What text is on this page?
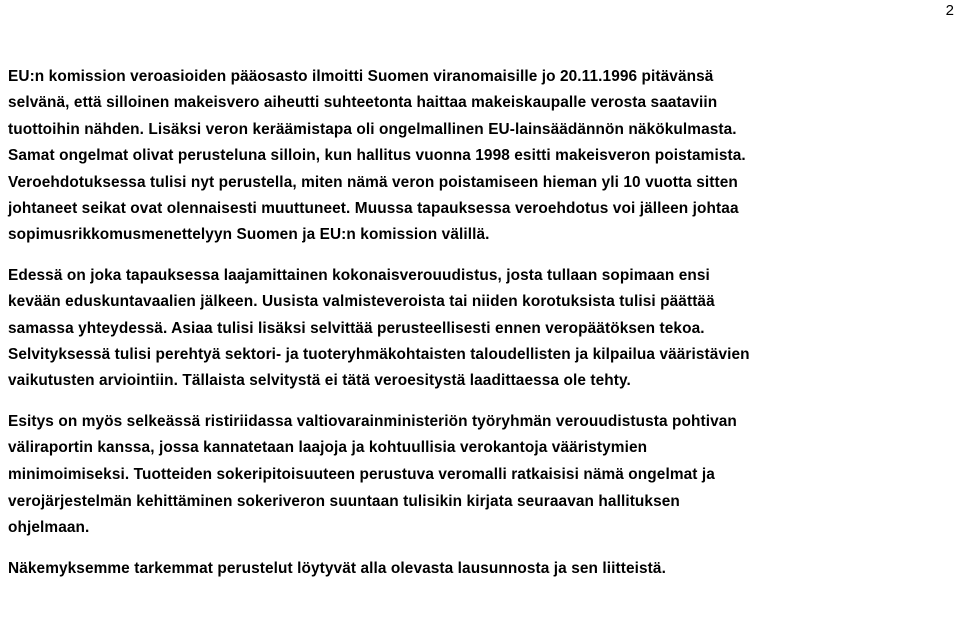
2
EU:n komission veroasioiden pääosasto ilmoitti Suomen viranomaisille jo 20.11.1996 pitävänsä
selvänä, että silloinen makeisvero aiheutti suhteetonta haittaa makeiskaupalle verosta saataviin
tuottoihin nähden. Lisäksi veron keräämistapa oli ongelmallinen EU-lainsäädännön näkökulmasta.
Samat ongelmat olivat perusteluna silloin, kun hallitus vuonna 1998 esitti makeisveron poistamista.
Veroehdotuksessa tulisi nyt perustella, miten nämä veron poistamiseen hieman yli 10 vuotta sitten
johtaneet seikat ovat olennaisesti muuttuneet. Muussa tapauksessa veroehdotus voi jälleen johtaa
sopimusrikkomusmenettelyyn Suomen ja EU:n komission välillä.
Edessä on joka tapauksessa laajamittainen kokonaisverouudistus, josta tullaan sopimaan ensi
kevään eduskuntavaalien jälkeen. Uusista valmisteveroista tai niiden korotuksista tulisi päättää
samassa yhteydessä. Asiaa tulisi lisäksi selvittää perusteellisesti ennen veropäätöksen tekoa.
Selvityksessä tulisi perehtyä sektori- ja tuoteryhmäkohtaisten taloudellisten ja kilpailua vääristävien
vaikutusten arviointiin. Tällaista selvitystä ei tätä veroesitystä laadittaessa ole tehty.
Esitys on myös selkeässä ristiriidassa valtiovarainministeriön työryhmän verouudistusta pohtivan
väliraportin kanssa, jossa kannatetaan laajoja ja kohtuullisia verokantoja vääristymien
minimoimiseksi. Tuotteiden sokeripitoisuuteen perustuva veromalli ratkaisisi nämä ongelmat ja
verojärjestelmän kehittäminen sokeriveron suuntaan tulisikin kirjata seuraavan hallituksen
ohjelmaan.
Näkemyksemme tarkemmat perustelut löytyvät alla olevasta lausunnosta ja sen liitteistä.
